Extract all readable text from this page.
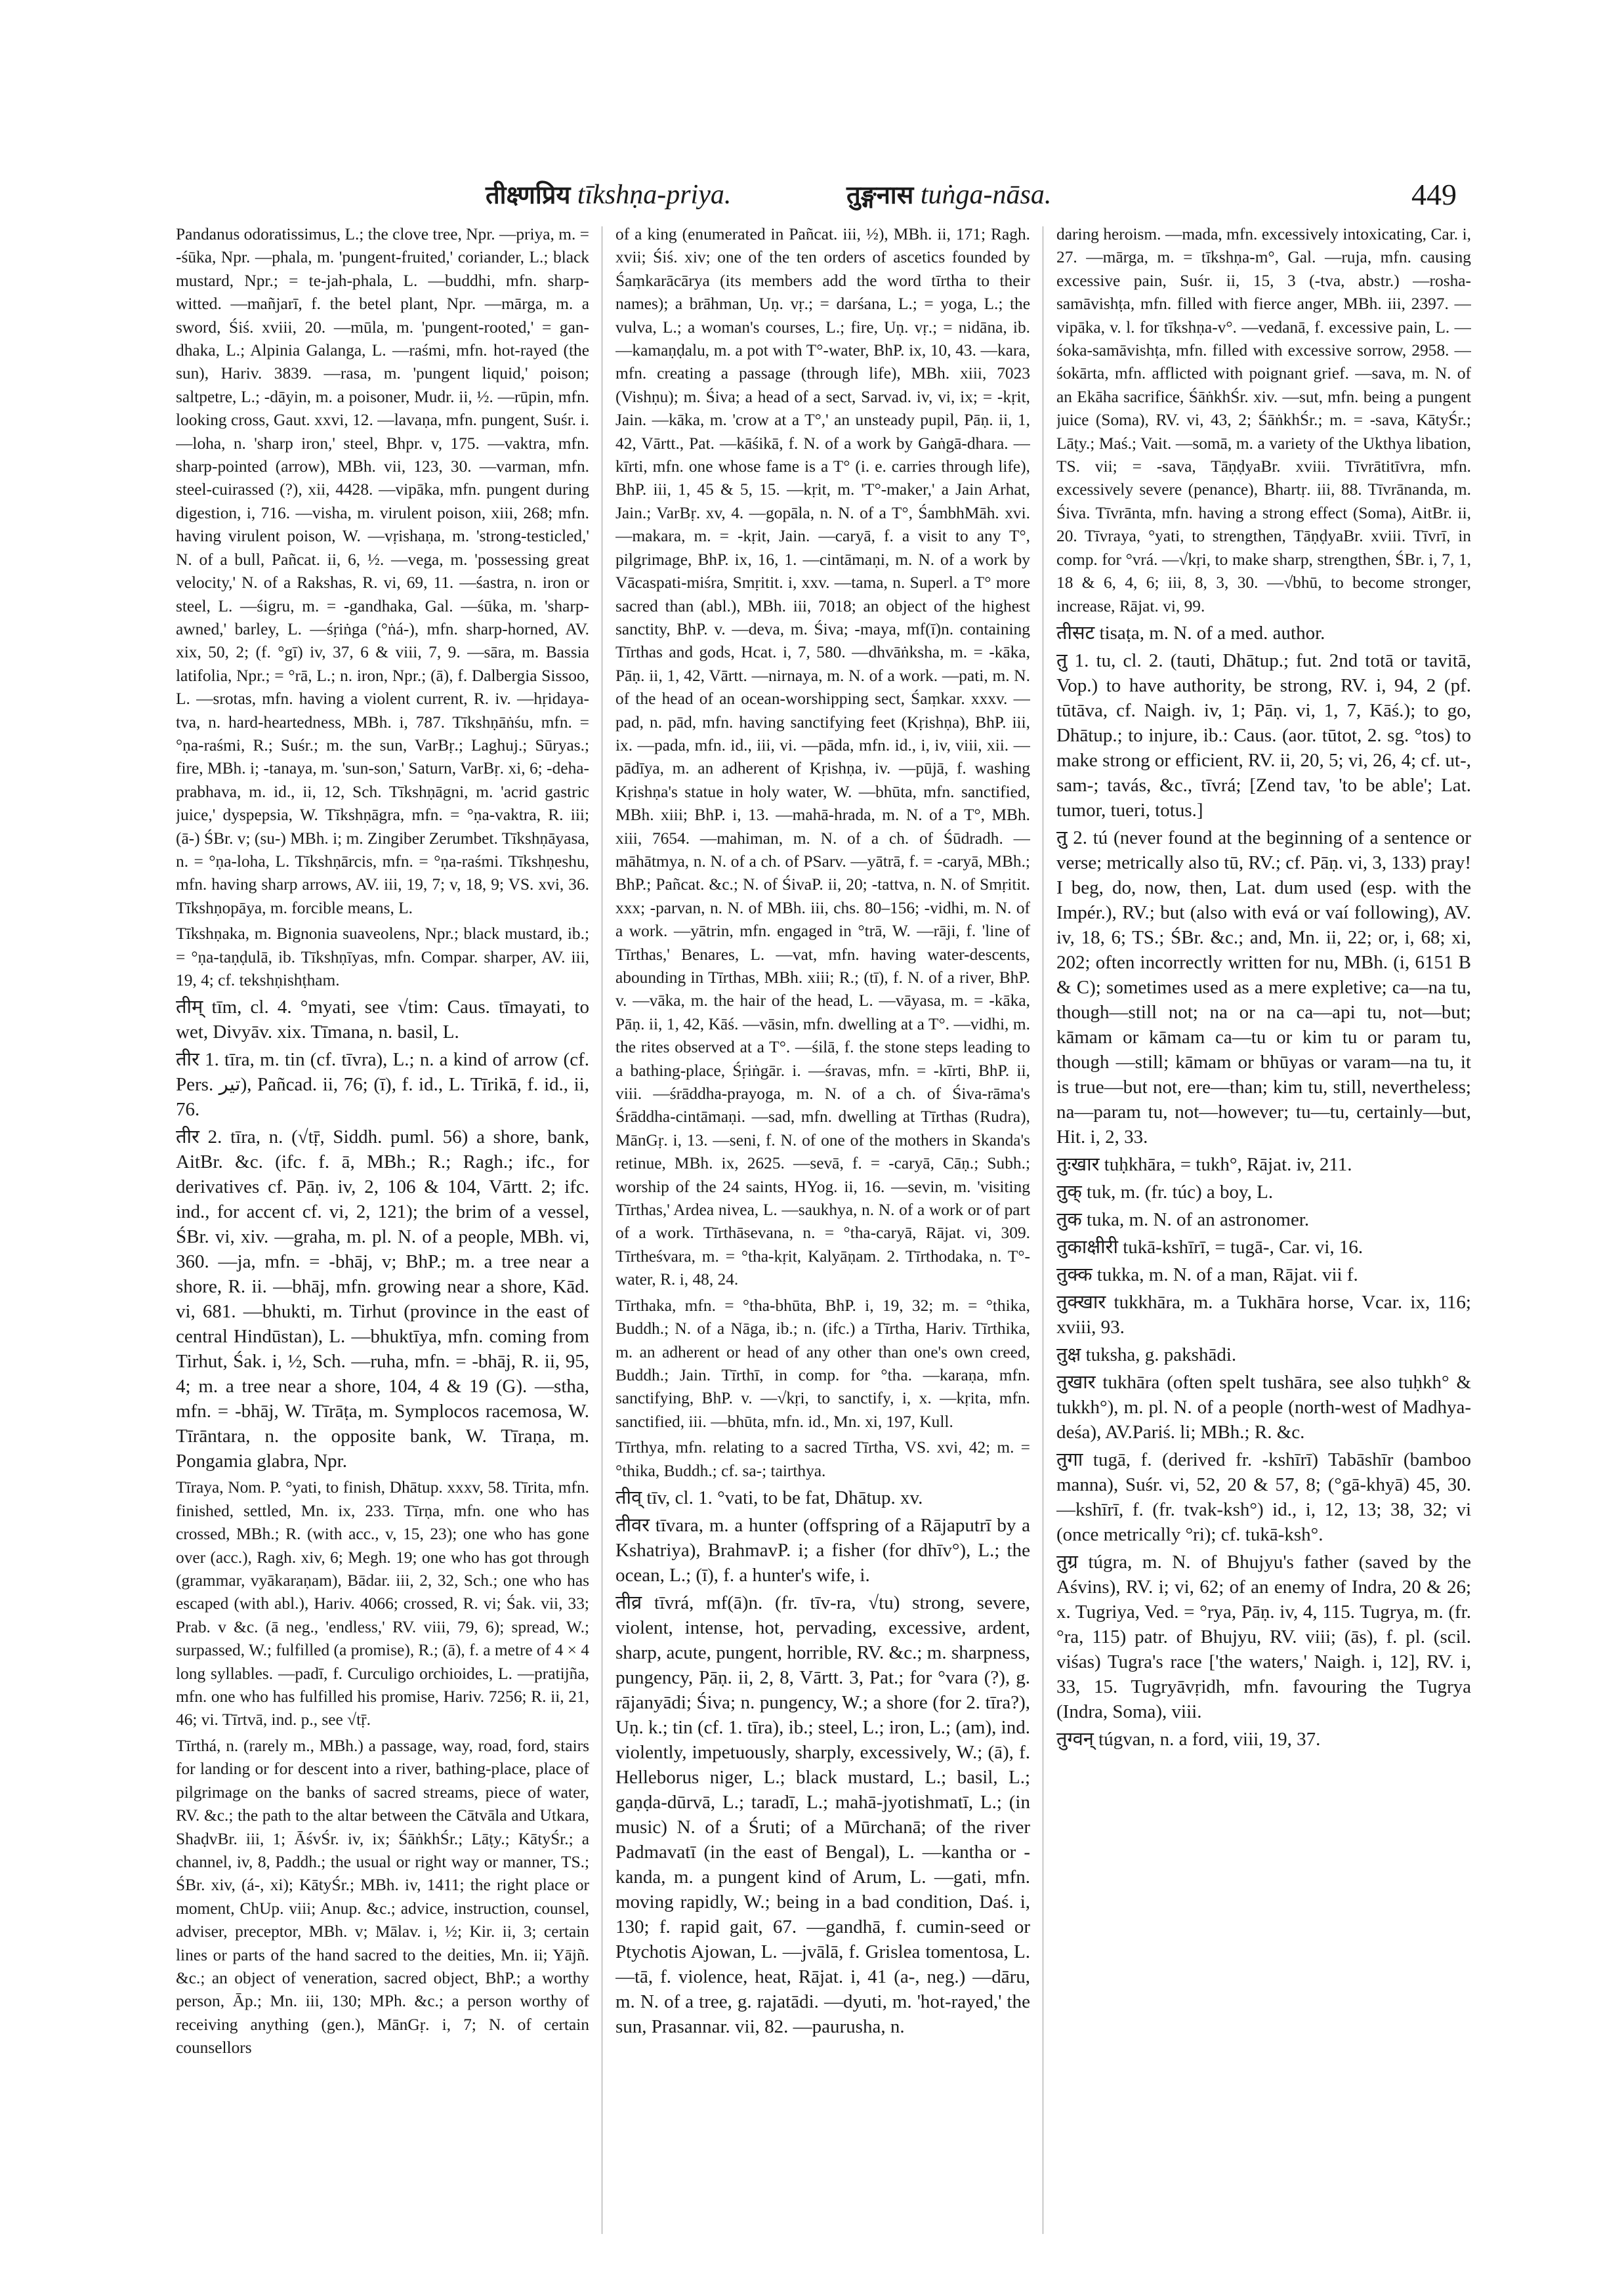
तीक्ष्णप्रिय tīkshṇa-priya.	तुङ्गनास tuṅga-nāsa.	449

Pandanus odoratissimus, L.; the clove tree, Npr. —priya, m. = -śūka, Npr. —phala, m. 'pungent-fruited,' coriander, L.; black mustard, Npr.; = te-jah-phala, L. —buddhi, mfn. sharp-witted. —mañjarī, f. the betel plant, Npr. —mārga, m. a sword, Śiś. xviii, 20. —mūla, m. 'pungent-rooted,' = gan-dhaka, L.; Alpinia Galanga, L. —raśmi, mfn. hot-rayed (the sun), Hariv. 3839. —rasa, m. 'pungent liquid,' poison; saltpetre, L.; -dāyin, m. a poisoner, Mudr. ii, ½. —rūpin, mfn. looking cross, Gaut. xxvi, 12. —lavaṇa, mfn. pungent, Suśr. i. —loha, n. 'sharp iron,' steel, Bhpr. v, 175. —vaktra, mfn. sharp-pointed (arrow), MBh. vii, 123, 30. —varman, mfn. steel-cuirassed (?), xii, 4428. —vipāka, mfn. pungent during digestion, i, 716. —visha, m. virulent poison, xiii, 268; mfn. having virulent poison, W. —vṛishaṇa, m. 'strong-testicled,' N. of a bull, Pañcat. ii, 6, ½. —vega, m. 'possessing great velocity,' N. of a Rakshas, R. vi, 69, 11. —śastra, n. iron or steel, L. —śigru, m. = -gandhaka, Gal. —śūka, m. 'sharp-awned,' barley, L. —śṛiṅga (°ṅá-), mfn. sharp-horned, AV. xix, 50, 2; (f. °gī) iv, 37, 6 & viii, 7, 9. —sāra, m. Bassia latifolia, Npr.; = °rā, L.; n. iron, Npr.; (ā), f. Dalbergia Sissoo, L. —srotas, mfn. having a violent current, R. iv. —hṛidaya-tva, n. hard-heartedness, MBh. i, 787. Tīkshṇāṅśu, mfn. = °ṇa-raśmi, R.; Suśr.; m. the sun, VarBṛ.; Laghuj.; Sūryas.; fire, MBh. i; -tanaya, m. 'sun-son,' Saturn, VarBṛ. xi, 6; -deha-prabhava, m. id., ii, 12, Sch. Tīkshṇāgni, m. 'acrid gastric juice,' dyspepsia, W. Tīkshṇāgra, mfn. = °ṇa-vaktra, R. iii; (ā-) ŚBr. v; (su-) MBh. i; m. Zingiber Zerumbet. Tīkshṇāyasa, n. = °ṇa-loha, L. Tīkshṇārcis, mfn. = °ṇa-raśmi. Tīkshṇeshu, mfn. having sharp arrows, AV. iii, 19, 7; v, 18, 9; VS. xvi, 36. Tīkshṇopāya, m. forcible means, L.

Tīkshṇaka, m. Bignonia suaveolens, Npr.; black mustard, ib.; = °ṇa-taṇḍulā, ib. Tīkshṇīyas, mfn. Compar. sharper, AV. iii, 19, 4; cf. tekshṇishṭham.

तीम् tīm, cl. 4. °myati, see √tim: Caus. tīmayati, to wet, Divyāv. xix. Tīmana, n. basil, L.

तीर 1. tīra, m. tin (cf. tīvra), L.; n. a kind of arrow (cf. Pers. تير), Pañcad. ii, 76; (ī), f. id., L. Tīrikā, f. id., ii, 76.

तीर 2. tīra, n. (√tṝ, Siddh. puml. 56) a shore, bank, AitBr. &c. (ifc. f. ā, MBh.; R.; Ragh.; ifc., for derivatives cf. Pāṇ. iv, 2, 106 & 104, Vārtt. 2; ifc. ind., for accent cf. vi, 2, 121); the brim of a vessel, ŚBr. vi, xiv. —graha, m. pl. N. of a people, MBh. vi, 360. —ja, mfn. = -bhāj, v; BhP.; m. a tree near a shore, R. ii. —bhāj, mfn. growing near a shore, Kād. vi, 681. —bhukti, m. Tirhut (province in the east of central Hindūstan), L. —bhuktīya, mfn. coming from Tirhut, Śak. i, ½, Sch. —ruha, mfn. = -bhāj, R. ii, 95, 4; m. a tree near a shore, 104, 4 & 19 (G). —stha, mfn. = -bhāj, W. Tīrāṭa, m. Symplocos racemosa, W. Tīrāntara, n. the opposite bank, W. Tīraṇa, m. Pongamia glabra, Npr.

Tīraya, Nom. P. °yati, to finish, Dhātup. xxxv, 58. Tīrita, mfn. finished, settled, Mn. ix, 233. Tīrṇa, mfn. one who has crossed, MBh.; R. (with acc., v, 15, 23); one who has gone over (acc.), Ragh. xiv, 6; Megh. 19; one who has got through (grammar, vyākaraṇam), Bādar. iii, 2, 32, Sch.; one who has escaped (with abl.), Hariv. 4066; crossed, R. vi; Śak. vii, 33; Prab. v &c. (ā neg., 'endless,' RV. viii, 79, 6); spread, W.; surpassed, W.; fulfilled (a promise), R.; (ā), f. a metre of 4 × 4 long syllables. —padī, f. Curculigo orchioides, L. —pratijña, mfn. one who has fulfilled his promise, Hariv. 7256; R. ii, 21, 46; vi. Tīrtvā, ind. p., see √tṝ.

Tīrthá, n. (rarely m., MBh.) a passage, way, road, ford, stairs for landing or for descent into a river, bathing-place, place of pilgrimage on the banks of sacred streams, piece of water, RV. &c.; the path to the altar between the Cātvāla and Utkara, ShaḍvBr. iii, 1; ĀśvŚr. iv, ix; ŚāṅkhŚr.; Lāṭy.; KātyŚr.; a channel, iv, 8, Paddh.; the usual or right way or manner, TS.; ŚBr. xiv, (á-, xi); KātyŚr.; MBh. iv, 1411; the right place or moment, ChUp. viii; Anup. &c.; advice, instruction, counsel, adviser, preceptor, MBh. v; Mālav. i, ½; Kir. ii, 3; certain lines or parts of the hand sacred to the deities, Mn. ii; Yājñ. &c.; an object of veneration, sacred object, BhP.; a worthy person, Āp.; Mn. iii, 130; MPh. &c.; a person worthy of receiving anything (gen.), MānGṛ. i, 7; N. of certain counsellors

of a king (enumerated in Pañcat. iii, ½), MBh. ii, 171; Ragh. xvii; Śiś. xiv; one of the ten orders of ascetics founded by Śaṃkarācārya (its members add the word tīrtha to their names); a brāhman, Uṇ. vṛ.; = darśana, L.; = yoga, L.; the vulva, L.; a woman's courses, L.; fire, Uṇ. vṛ.; = nidāna, ib. —kamaṇḍalu, m. a pot with T°-water, BhP. ix, 10, 43. —kara, mfn. creating a passage (through life), MBh. xiii, 7023 (Vishṇu); m. Śiva; a head of a sect, Sarvad. iv, vi, ix; = -kṛit, Jain. —kāka, m. 'crow at a T°,' an unsteady pupil, Pāṇ. ii, 1, 42, Vārtt., Pat. —kāśikā, f. N. of a work by Gaṅgā-dhara. —kīrti, mfn. one whose fame is a T° (i. e. carries through life), BhP. iii, 1, 45 & 5, 15. —kṛit, m. 'T°-maker,' a Jain Arhat, Jain.; VarBṛ. xv, 4. —gopāla, n. N. of a T°, ŚambhMāh. xvi. —makara, m. = -kṛit, Jain. —caryā, f. a visit to any T°, pilgrimage, BhP. ix, 16, 1. —cintāmaṇi, m. N. of a work by Vācaspati-miśra, Smṛitit. i, xxv. —tama, n. Superl. a T° more sacred than (abl.), MBh. iii, 7018; an object of the highest sanctity, BhP. v. —deva, m. Śiva; -maya, mf(ī)n. containing Tīrthas and gods, Hcat. i, 7, 580. —dhvāṅksha, m. = -kāka, Pāṇ. ii, 1, 42, Vārtt. —nirnaya, m. N. of a work. —pati, m. N. of the head of an ocean-worshipping sect, Śaṃkar. xxxv. —pad, n. pād, mfn. having sanctifying feet (Kṛishṇa), BhP. iii, ix. —pada, mfn. id., iii, vi. —pāda, mfn. id., i, iv, viii, xii. —pādīya, m. an adherent of Kṛishṇa, iv. —pūjā, f. washing Kṛishṇa's statue in holy water, W. —bhūta, mfn. sanctified, MBh. xiii; BhP. i, 13. —mahā-hrada, m. N. of a T°, MBh. xiii, 7654. —mahiman, m. N. of a ch. of Śūdradh. —māhātmya, n. N. of a ch. of PSarv. —yātrā, f. = -caryā, MBh.; BhP.; Pañcat. &c.; N. of ŚivaP. ii, 20; -tattva, n. N. of Smṛitit. xxx; -parvan, n. N. of MBh. iii, chs. 80–156; -vidhi, m. N. of a work. —yātrin, mfn. engaged in °trā, W. —rāji, f. 'line of Tīrthas,' Benares, L. —vat, mfn. having water-descents, abounding in Tīrthas, MBh. xiii; R.; (tī), f. N. of a river, BhP. v. —vāka, m. the hair of the head, L. —vāyasa, m. = -kāka, Pāṇ. ii, 1, 42, Kāś. —vāsin, mfn. dwelling at a T°. —vidhi, m. the rites observed at a T°. —śilā, f. the stone steps leading to a bathing-place, Śṛiṅgār. i. —śravas, mfn. = -kīrti, BhP. ii, viii. —śrāddha-prayoga, m. N. of a ch. of Śiva-rāma's Śrāddha-cintāmaṇi. —sad, mfn. dwelling at Tīrthas (Rudra), MānGṛ. i, 13. —seni, f. N. of one of the mothers in Skanda's retinue, MBh. ix, 2625. —sevā, f. = -caryā, Cāṇ.; Subh.; worship of the 24 saints, HYog. ii, 16. —sevin, m. 'visiting Tīrthas,' Ardea nivea, L. —saukhya, n. N. of a work or of part of a work. Tīrthāsevana, n. = °tha-caryā, Rājat. vi, 309. Tīrtheśvara, m. = °tha-kṛit, Kalyāṇam. 2. Tīrthodaka, n. T°-water, R. i, 48, 24.

Tīrthaka, mfn. = °tha-bhūta, BhP. i, 19, 32; m. = °thika, Buddh.; N. of a Nāga, ib.; n. (ifc.) a Tīrtha, Hariv. Tīrthika, m. an adherent or head of any other than one's own creed, Buddh.; Jain. Tīrthī, in comp. for °tha. —karaṇa, mfn. sanctifying, BhP. v. —√kṛi, to sanctify, i, x. —kṛita, mfn. sanctified, iii. —bhūta, mfn. id., Mn. xi, 197, Kull.

Tīrthya, mfn. relating to a sacred Tīrtha, VS. xvi, 42; m. = °thika, Buddh.; cf. sa-; tairthya.

तीव् tīv, cl. 1. °vati, to be fat, Dhātup. xv.

तीवर tīvara, m. a hunter (offspring of a Rājaputrī by a Kshatriya), BrahmavP. i; a fisher (for dhīv°), L.; the ocean, L.; (ī), f. a hunter's wife, i.

तीव्र tīvrá, mf(ā)n. (fr. tīv-ra, √tu) strong, severe, violent, intense, hot, pervading, excessive, ardent, sharp, acute, pungent, horrible, RV. &c.; m. sharpness, pungency, Pāṇ. ii, 2, 8, Vārtt. 3, Pat.; for °vara (?), g. rājanyādi; Śiva; n. pungency, W.; a shore (for 2. tīra?), Uṇ. k.; tin (cf. 1. tīra), ib.; steel, L.; iron, L.; (am), ind. violently, impetuously, sharply, excessively, W.; (ā), f. Helleborus niger, L.; black mustard, L.; basil, L.; gaṇḍa-dūrvā, L.; taradī, L.; mahā-jyotishmatī, L.; (in music) N. of a Śruti; of a Mūrchanā; of the river Padmavatī (in the east of Bengal), L. —kantha or -kanda, m. a pungent kind of Arum, L. —gati, mfn. moving rapidly, W.; being in a bad condition, Daś. i, 130; f. rapid gait, 67. —gandhā, f. cumin-seed or Ptychotis Ajowan, L. —jvālā, f. Grislea tomentosa, L. —tā, f. violence, heat, Rājat. i, 41 (a-, neg.) —dāru, m. N. of a tree, g. rajatādi. —dyuti, m. 'hot-rayed,' the sun, Prasannar. vii, 82. —paurusha, n.

daring heroism. —mada, mfn. excessively intoxicating, Car. i, 27. —mārga, m. = tīkshṇa-m°, Gal. —ruja, mfn. causing excessive pain, Suśr. ii, 15, 3 (-tva, abstr.) —rosha-samāvishṭa, mfn. filled with fierce anger, MBh. iii, 2397. —vipāka, v. l. for tīkshṇa-v°. —vedanā, f. excessive pain, L. —śoka-samāvishṭa, mfn. filled with excessive sorrow, 2958. —śokārta, mfn. afflicted with poignant grief. —sava, m. N. of an Ekāha sacrifice, ŚāṅkhŚr. xiv. —sut, mfn. being a pungent juice (Soma), RV. vi, 43, 2; ŚāṅkhŚr.; m. = -sava, KātyŚr.; Lāṭy.; Maś.; Vait. —somā, m. a variety of the Ukthya libation, TS. vii; = -sava, TāṇḍyaBr. xviii. Tīvrātitīvra, mfn. excessively severe (penance), Bhartṛ. iii, 88. Tīvrānanda, m. Śiva. Tīvrānta, mfn. having a strong effect (Soma), AitBr. ii, 20. Tīvraya, °yati, to strengthen, TāṇḍyaBr. xviii. Tīvrī, in comp. for °vrá. —√kṛi, to make sharp, strengthen, ŚBr. i, 7, 1, 18 & 6, 4, 6; iii, 8, 3, 30. —√bhū, to become stronger, increase, Rājat. vi, 99.

तीसट tisaṭa, m. N. of a med. author.

तु 1. tu, cl. 2. (tauti, Dhātup.; fut. 2nd totā or tavitā, Vop.) to have authority, be strong, RV. i, 94, 2 (pf. tūtāva, cf. Naigh. iv, 1; Pāṇ. vi, 1, 7, Kāś.); to go, Dhātup.; to injure, ib.: Caus. (aor. tūtot, 2. sg. °tos) to make strong or efficient, RV. ii, 20, 5; vi, 26, 4; cf. ut-, sam-; tavás, &c., tīvrá; [Zend tav, 'to be able'; Lat. tumor, tueri, totus.]

तु 2. tú (never found at the beginning of a sentence or verse; metrically also tū, RV.; cf. Pāṇ. vi, 3, 133) pray! I beg, do, now, then, Lat. dum used (esp. with the Impér.), RV.; but (also with evá or vaí following), AV. iv, 18, 6; TS.; ŚBr. &c.; and, Mn. ii, 22; or, i, 68; xi, 202; often incorrectly written for nu, MBh. (i, 6151 B & C); sometimes used as a mere expletive; ca—na tu, though—still not; na or na ca—api tu, not—but; kāmam or kāmam ca—tu or kim tu or param tu, though —still; kāmam or bhūyas or varam—na tu, it is true—but not, ere—than; kim tu, still, nevertheless; na—param tu, not—however; tu—tu, certainly—but, Hit. i, 2, 33.

तुःखार tuḥkhāra, = tukh°, Rājat. iv, 211.

तुक् tuk, m. (fr. túc) a boy, L.

तुक tuka, m. N. of an astronomer.

तुकाक्षीरी tukā-kshīrī, = tugā-, Car. vi, 16.

तुक्क tukka, m. N. of a man, Rājat. vii f.

तुक्खार tukkhāra, m. a Tukhāra horse, Vcar. ix, 116; xviii, 93.

तुक्ष tuksha, g. pakshādi.

तुखार tukhāra (often spelt tushāra, see also tuḥkh° & tukkh°), m. pl. N. of a people (north-west of Madhya-deśa), AV.Pariś. li; MBh.; R. &c.

तुगा tugā, f. (derived fr. -kshīrī) Tabāshīr (bamboo manna), Suśr. vi, 52, 20 & 57, 8; (°gā-khyā) 45, 30. —kshīrī, f. (fr. tvak-ksh°) id., i, 12, 13; 38, 32; vi (once metrically °ri); cf. tukā-ksh°.

तुग्र túgra, m. N. of Bhujyu's father (saved by the Aśvins), RV. i; vi, 62; of an enemy of Indra, 20 & 26; x. Tugriya, Ved. = °rya, Pāṇ. iv, 4, 115. Tugrya, m. (fr. °ra, 115) patr. of Bhujyu, RV. viii; (ās), f. pl. (scil. viśas) Tugra's race ['the waters,' Naigh. i, 12], RV. i, 33, 15. Tugryāvṛidh, mfn. favouring the Tugrya (Indra, Soma), viii.

तुग्वन् túgvan, n. a ford, viii, 19, 37.
